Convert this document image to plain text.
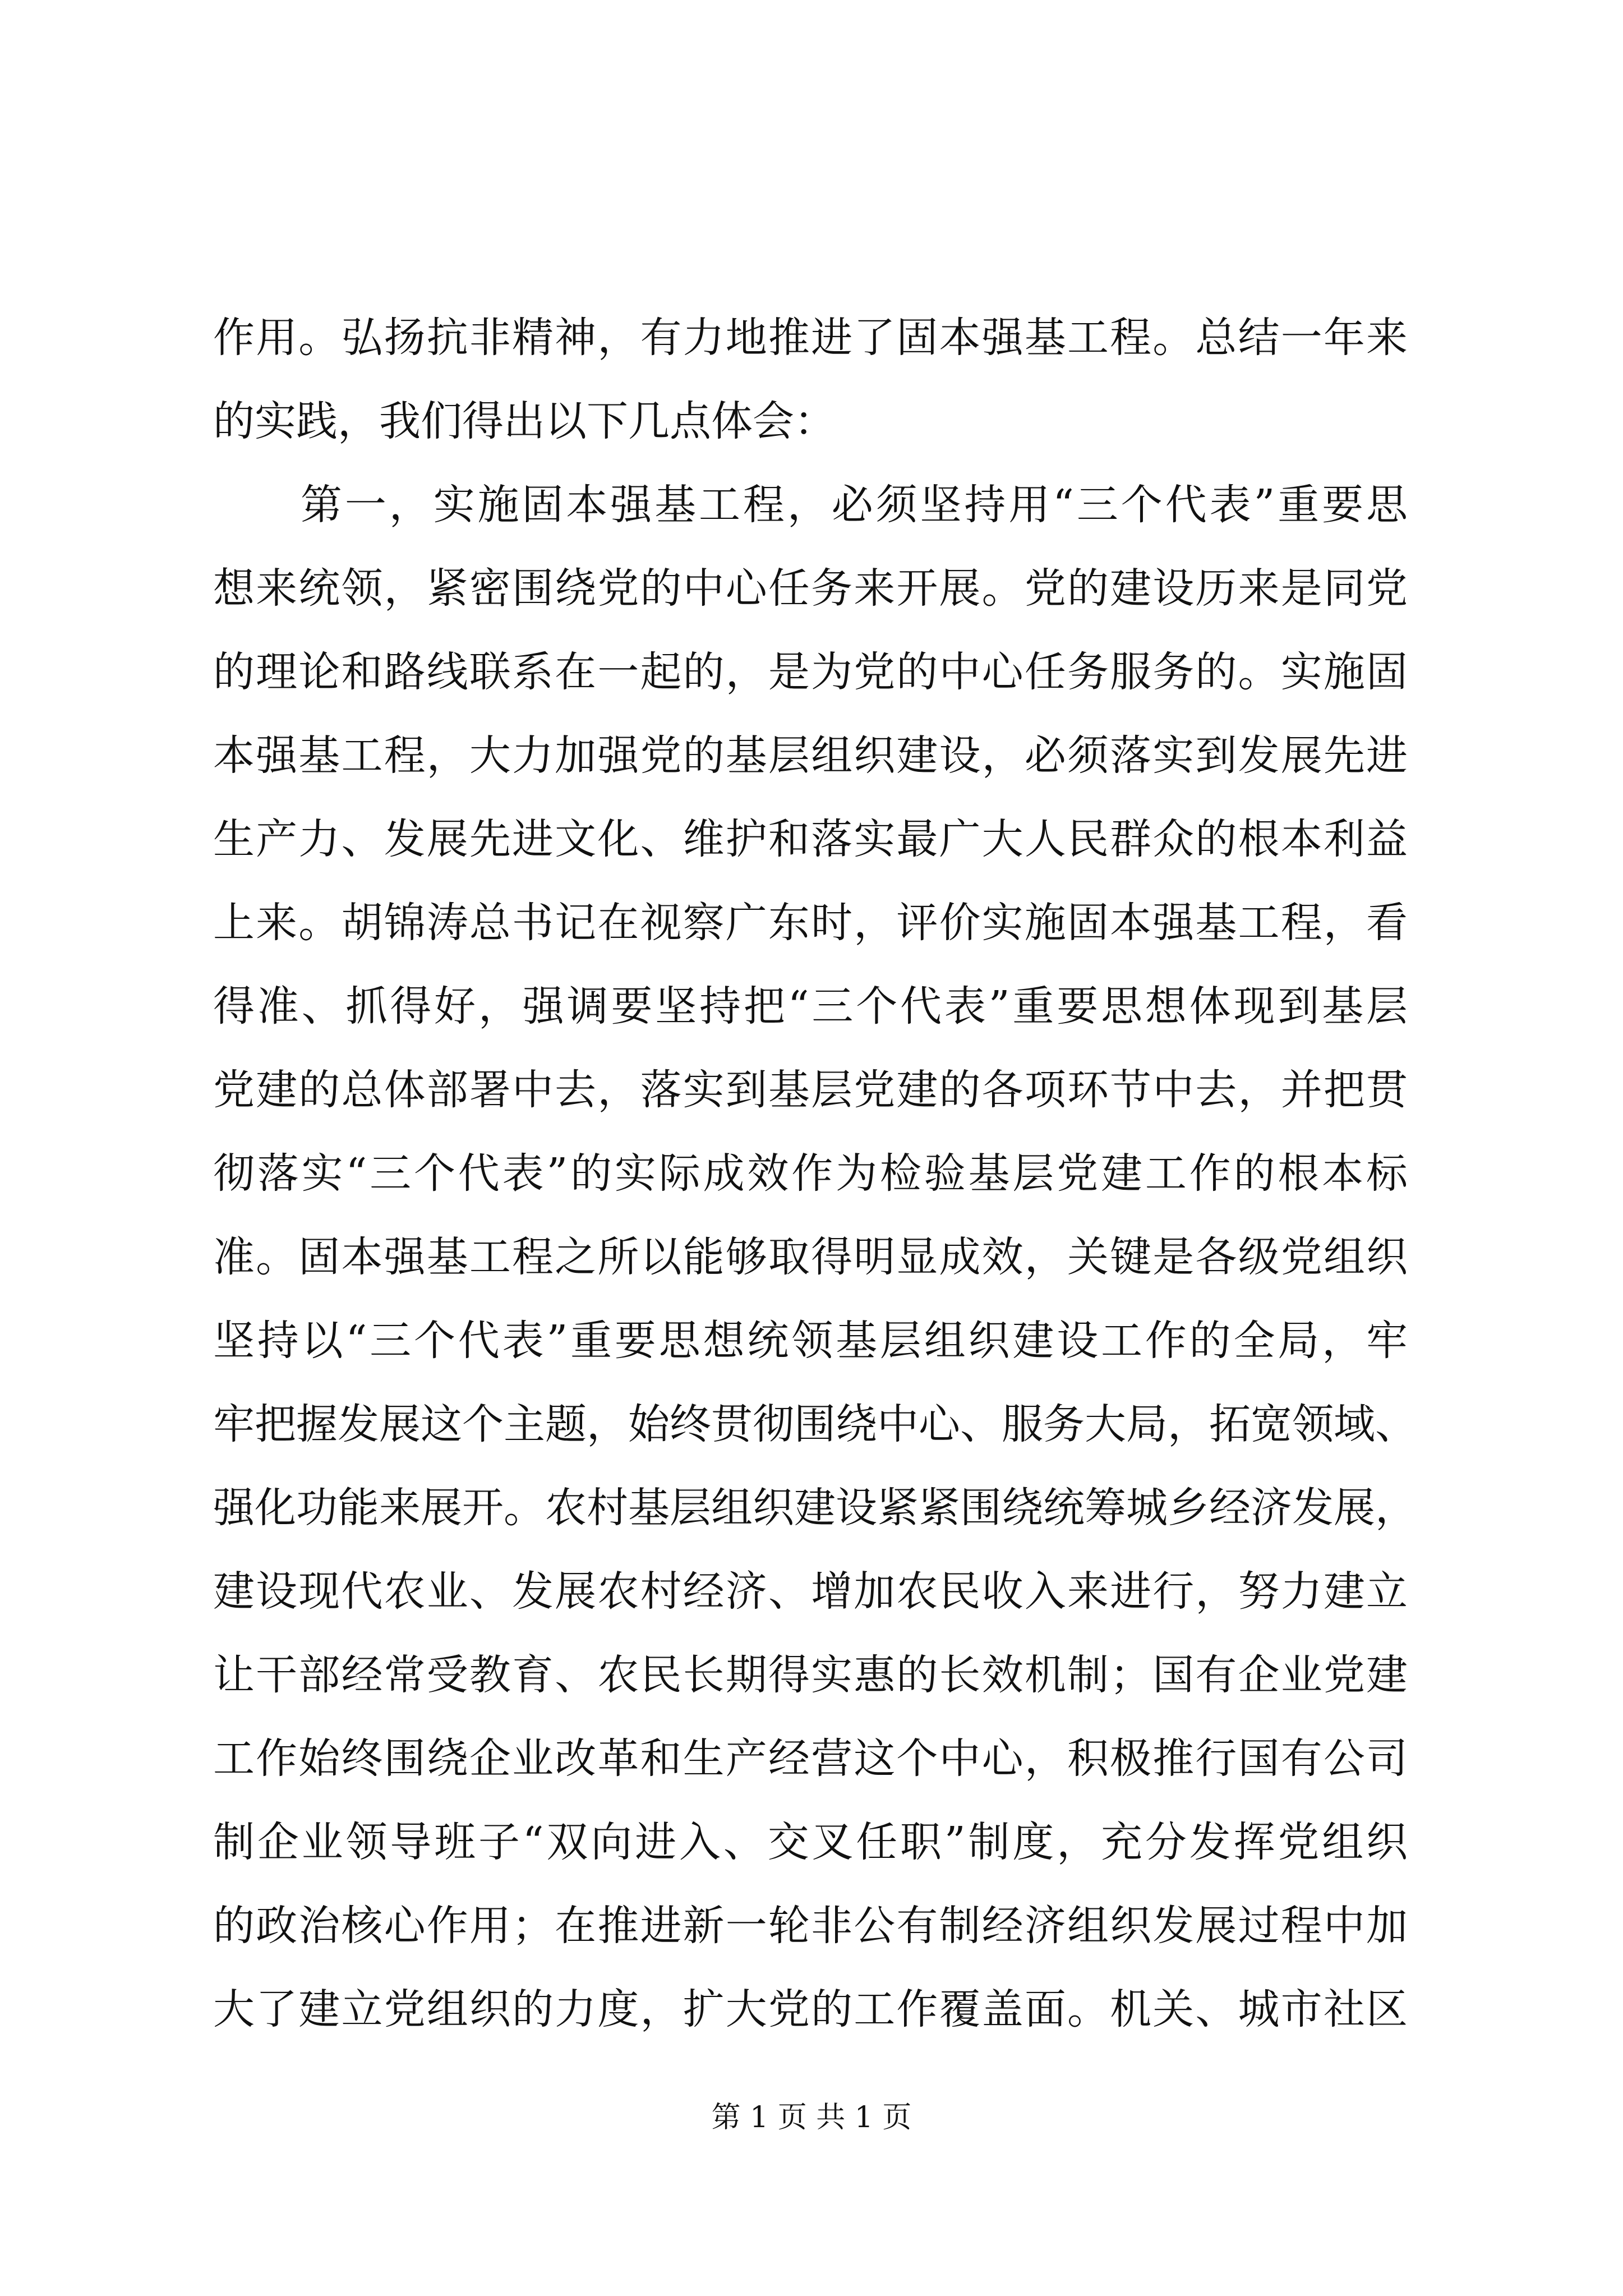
作用。弘扬抗非精神，有力地推进了固本强基工程。总结一年来
的实践，我们得出以下几点体会：
第一，实施固本强基工程，必须坚持用“三个代表”重要思
想来统领，紧密围绕党的中心任务来开展。党的建设历来是同党
的理论和路线联系在一起的，是为党的中心任务服务的。实施固
本强基工程，大力加强党的基层组织建设，必须落实到发展先进
生产力、发展先进文化、维护和落实最广大人民群众的根本利益
上来。胡锦涛总书记在视察广东时，评价实施固本强基工程，看
得准、抓得好，强调要坚持把“三个代表”重要思想体现到基层
党建的总体部署中去，落实到基层党建的各项环节中去，并把贯
彻落实“三个代表”的实际成效作为检验基层党建工作的根本标
准。固本强基工程之所以能够取得明显成效，关键是各级党组织
坚持以“三个代表”重要思想统领基层组织建设工作的全局，牢
牢把握发展这个主题，始终贯彻围绕中心、服务大局，拓宽领域、
强化功能来展开。农村基层组织建设紧紧围绕统筹城乡经济发展，
建设现代农业、发展农村经济、增加农民收入来进行，努力建立
让干部经常受教育、农民长期得实惠的长效机制；国有企业党建
工作始终围绕企业改革和生产经营这个中心，积极推行国有公司
制企业领导班子“双向进入、交叉任职”制度，充分发挥党组织
的政治核心作用；在推进新一轮非公有制经济组织发展过程中加
大了建立党组织的力度，扩大党的工作覆盖面。机关、城市社区
第 1 页 共 1 页
